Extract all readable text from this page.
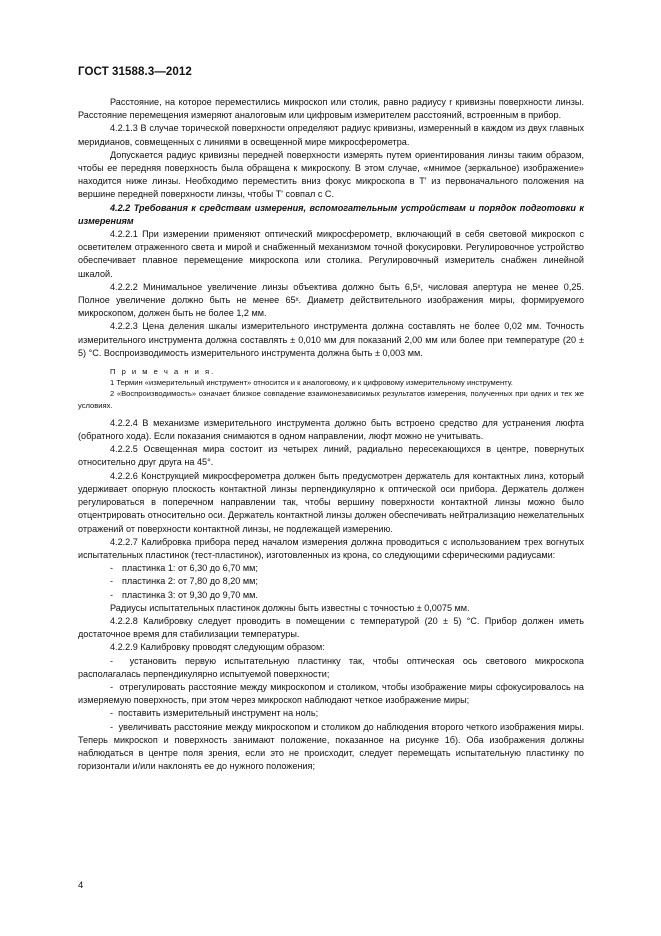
ГОСТ 31588.3—2012

Расстояние, на которое переместились микроскоп или столик, равно радиусу r кривизны поверхности линзы. Расстояние перемещения измеряют аналоговым или цифровым измерителем расстояний, встроенным в прибор.

4.2.1.3 В случае торической поверхности определяют радиус кривизны, измеренный в каждом из двух главных меридианов, совмещенных с линиями в освещенной мире микросферометра.

Допускается радиус кривизны передней поверхности измерять путем ориентирования линзы таким образом, чтобы ее передняя поверхность была обращена к микроскопу. В этом случае, «мнимое (зеркальное) изображение» находится ниже линзы. Необходимо переместить вниз фокус микроскопа в T' из первоначального положения на вершине передней поверхности линзы, чтобы T' совпал с C.

4.2.2 Требования к средствам измерения, вспомогательным устройствам и порядок подготовки к измерениям

4.2.2.1 При измерении применяют оптический микросферометр, включающий в себя световой микроскоп с осветителем отраженного света и мирой и снабженный механизмом точной фокусировки. Регулировочное устройство обеспечивает плавное перемещение микроскопа или столика. Регулировочный измеритель снабжен линейной шкалой.

4.2.2.2 Минимальное увеличение линзы объектива должно быть 6,5ˣ, числовая апертура не менее 0,25. Полное увеличение должно быть не менее 65ˣ. Диаметр действительного изображения миры, формируемого микроскопом, должен быть не более 1,2 мм.

4.2.2.3 Цена деления шкалы измерительного инструмента должна составлять не более 0,02 мм. Точность измерительного инструмента должна составлять ± 0,010 мм для показаний 2,00 мм или более при температуре (20 ± 5) °C. Воспроизводимость измерительного инструмента должна быть ± 0,003 мм.

П р и м е ч а н и я.

1 Термин «измерительный инструмент» относится и к аналоговому, и к цифровому измерительному инструменту.

2 «Воспроизводимость» означает близкое совпадение взаимонезависимых результатов измерения, полученных при одних и тех же условиях.

4.2.2.4 В механизме измерительного инструмента должно быть встроено средство для устранения люфта (обратного хода). Если показания снимаются в одном направлении, люфт можно не учитывать.

4.2.2.5 Освещенная мира состоит из четырех линий, радиально пересекающихся в центре, повернутых относительно друг друга на 45°.

4.2.2.6 Конструкцией микросферометра должен быть предусмотрен держатель для контактных линз, который удерживает опорную плоскость контактной линзы перпендикулярно к оптической оси прибора. Держатель должен регулироваться в поперечном направлении так, чтобы вершину поверхности контактной линзы можно было отцентрировать относительно оси. Держатель контактной линзы должен обеспечивать нейтрализацию нежелательных отражений от поверхности контактной линзы, не подлежащей измерению.

4.2.2.7 Калибровка прибора перед началом измерения должна проводиться с использованием трех вогнутых испытательных пластинок (тест-пластинок), изготовленных из крона, со следующими сферическими радиусами:

- пластинка 1: от 6,30 до 6,70 мм;

- пластинка 2: от 7,80 до 8,20 мм;

- пластинка 3: от 9,30 до 9,70 мм.

Радиусы испытательных пластинок должны быть известны с точностью ± 0,0075 мм.

4.2.2.8 Калибровку следует проводить в помещении с температурой (20 ± 5) °C. Прибор должен иметь достаточное время для стабилизации температуры.

4.2.2.9 Калибровку проводят следующим образом:

-  установить первую испытательную пластинку так, чтобы оптическая ось светового микроскопа располагалась перпендикулярно испытуемой поверхности;

-  отрегулировать расстояние между микроскопом и столиком, чтобы изображение миры сфокусировалось на измеряемую поверхность, при этом через микроскоп наблюдают четкое изображение миры;

-  поставить измерительный инструмент на ноль;

-  увеличивать расстояние между микроскопом и столиком до наблюдения второго четкого изображения миры. Теперь микроскоп и поверхность занимают положение, показанное на рисунке 1б). Оба изображения должны наблюдаться в центре поля зрения, если это не происходит, следует перемещать испытательную пластинку по горизонтали и/или наклонять ее до нужного положения;

4
